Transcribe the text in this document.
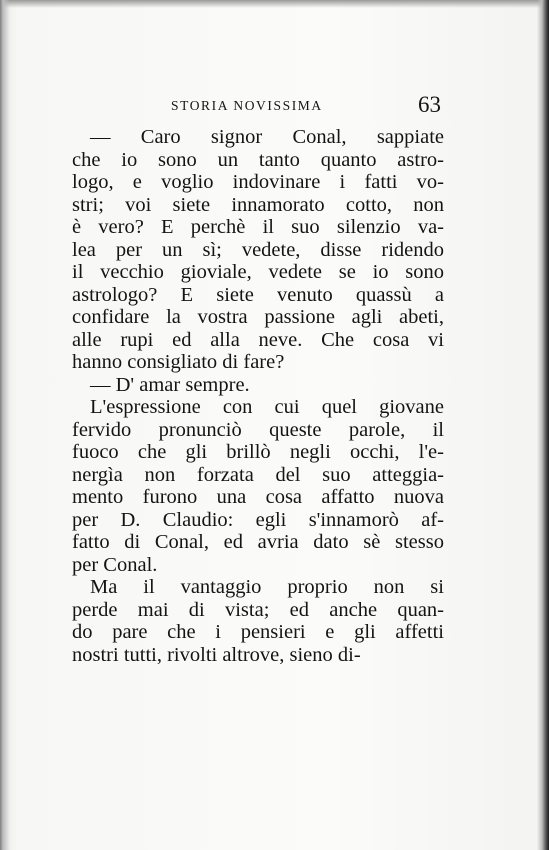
STORIA NOVISSIMA	63
— Caro signor Conal, sappiate
che io sono un tanto quanto astro-
logo, e voglio indovinare i fatti vo-
stri; voi siete innamorato cotto, non
è vero? E perchè il suo silenzio va-
lea per un sì; vedete, disse ridendo
il vecchio gioviale, vedete se io sono
astrologo? E siete venuto quassù a
confidare la vostra passione agli abeti,
alle rupi ed alla neve. Che cosa vi
hanno consigliato di fare?
— D' amar sempre.
L'espressione con cui quel giovane
fervido pronunciò queste parole, il
fuoco che gli brillò negli occhi, l'e-
nergìa non forzata del suo atteggia-
mento furono una cosa affatto nuova
per D. Claudio: egli s'innamorò af-
fatto di Conal, ed avria dato sè stesso
per Conal.
Ma il vantaggio proprio non si
perde mai di vista; ed anche quan-
do pare che i pensieri e gli affetti
nostri tutti, rivolti altrove, sieno di-
